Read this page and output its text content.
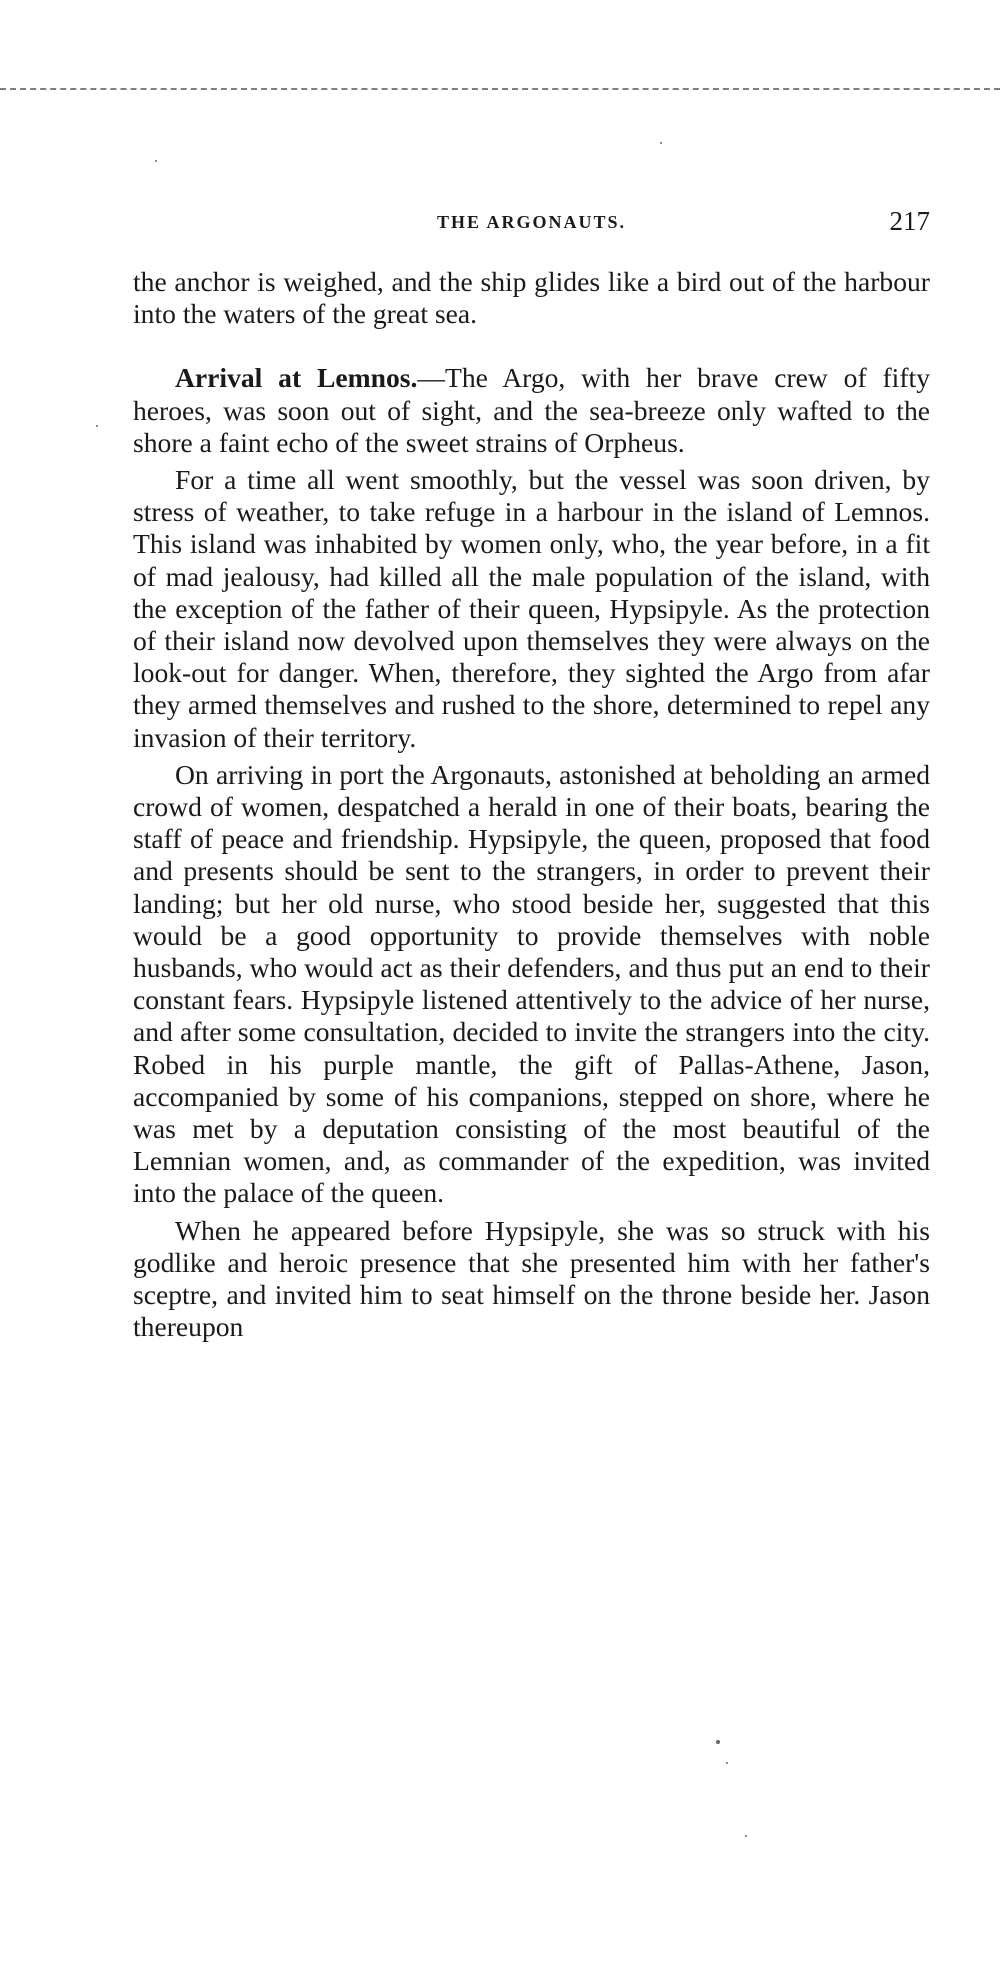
THE ARGONAUTS.	217

the anchor is weighed, and the ship glides like a bird out of the harbour into the waters of the great sea.

Arrival at Lemnos.—The Argo, with her brave crew of fifty heroes, was soon out of sight, and the sea-breeze only wafted to the shore a faint echo of the sweet strains of Orpheus.

For a time all went smoothly, but the vessel was soon driven, by stress of weather, to take refuge in a harbour in the island of Lemnos. This island was inhabited by women only, who, the year before, in a fit of mad jealousy, had killed all the male population of the island, with the exception of the father of their queen, Hypsipyle. As the protection of their island now devolved upon themselves they were always on the look-out for danger. When, therefore, they sighted the Argo from afar they armed themselves and rushed to the shore, determined to repel any invasion of their territory.

On arriving in port the Argonauts, astonished at beholding an armed crowd of women, despatched a herald in one of their boats, bearing the staff of peace and friendship. Hypsipyle, the queen, proposed that food and presents should be sent to the strangers, in order to prevent their landing; but her old nurse, who stood beside her, suggested that this would be a good opportunity to provide themselves with noble husbands, who would act as their defenders, and thus put an end to their constant fears. Hypsipyle listened attentively to the advice of her nurse, and after some consultation, decided to invite the strangers into the city. Robed in his purple mantle, the gift of Pallas-Athene, Jason, accompanied by some of his companions, stepped on shore, where he was met by a deputation consisting of the most beautiful of the Lemnian women, and, as commander of the expedition, was invited into the palace of the queen.

When he appeared before Hypsipyle, she was so struck with his godlike and heroic presence that she presented him with her father's sceptre, and invited him to seat himself on the throne beside her. Jason thereupon
